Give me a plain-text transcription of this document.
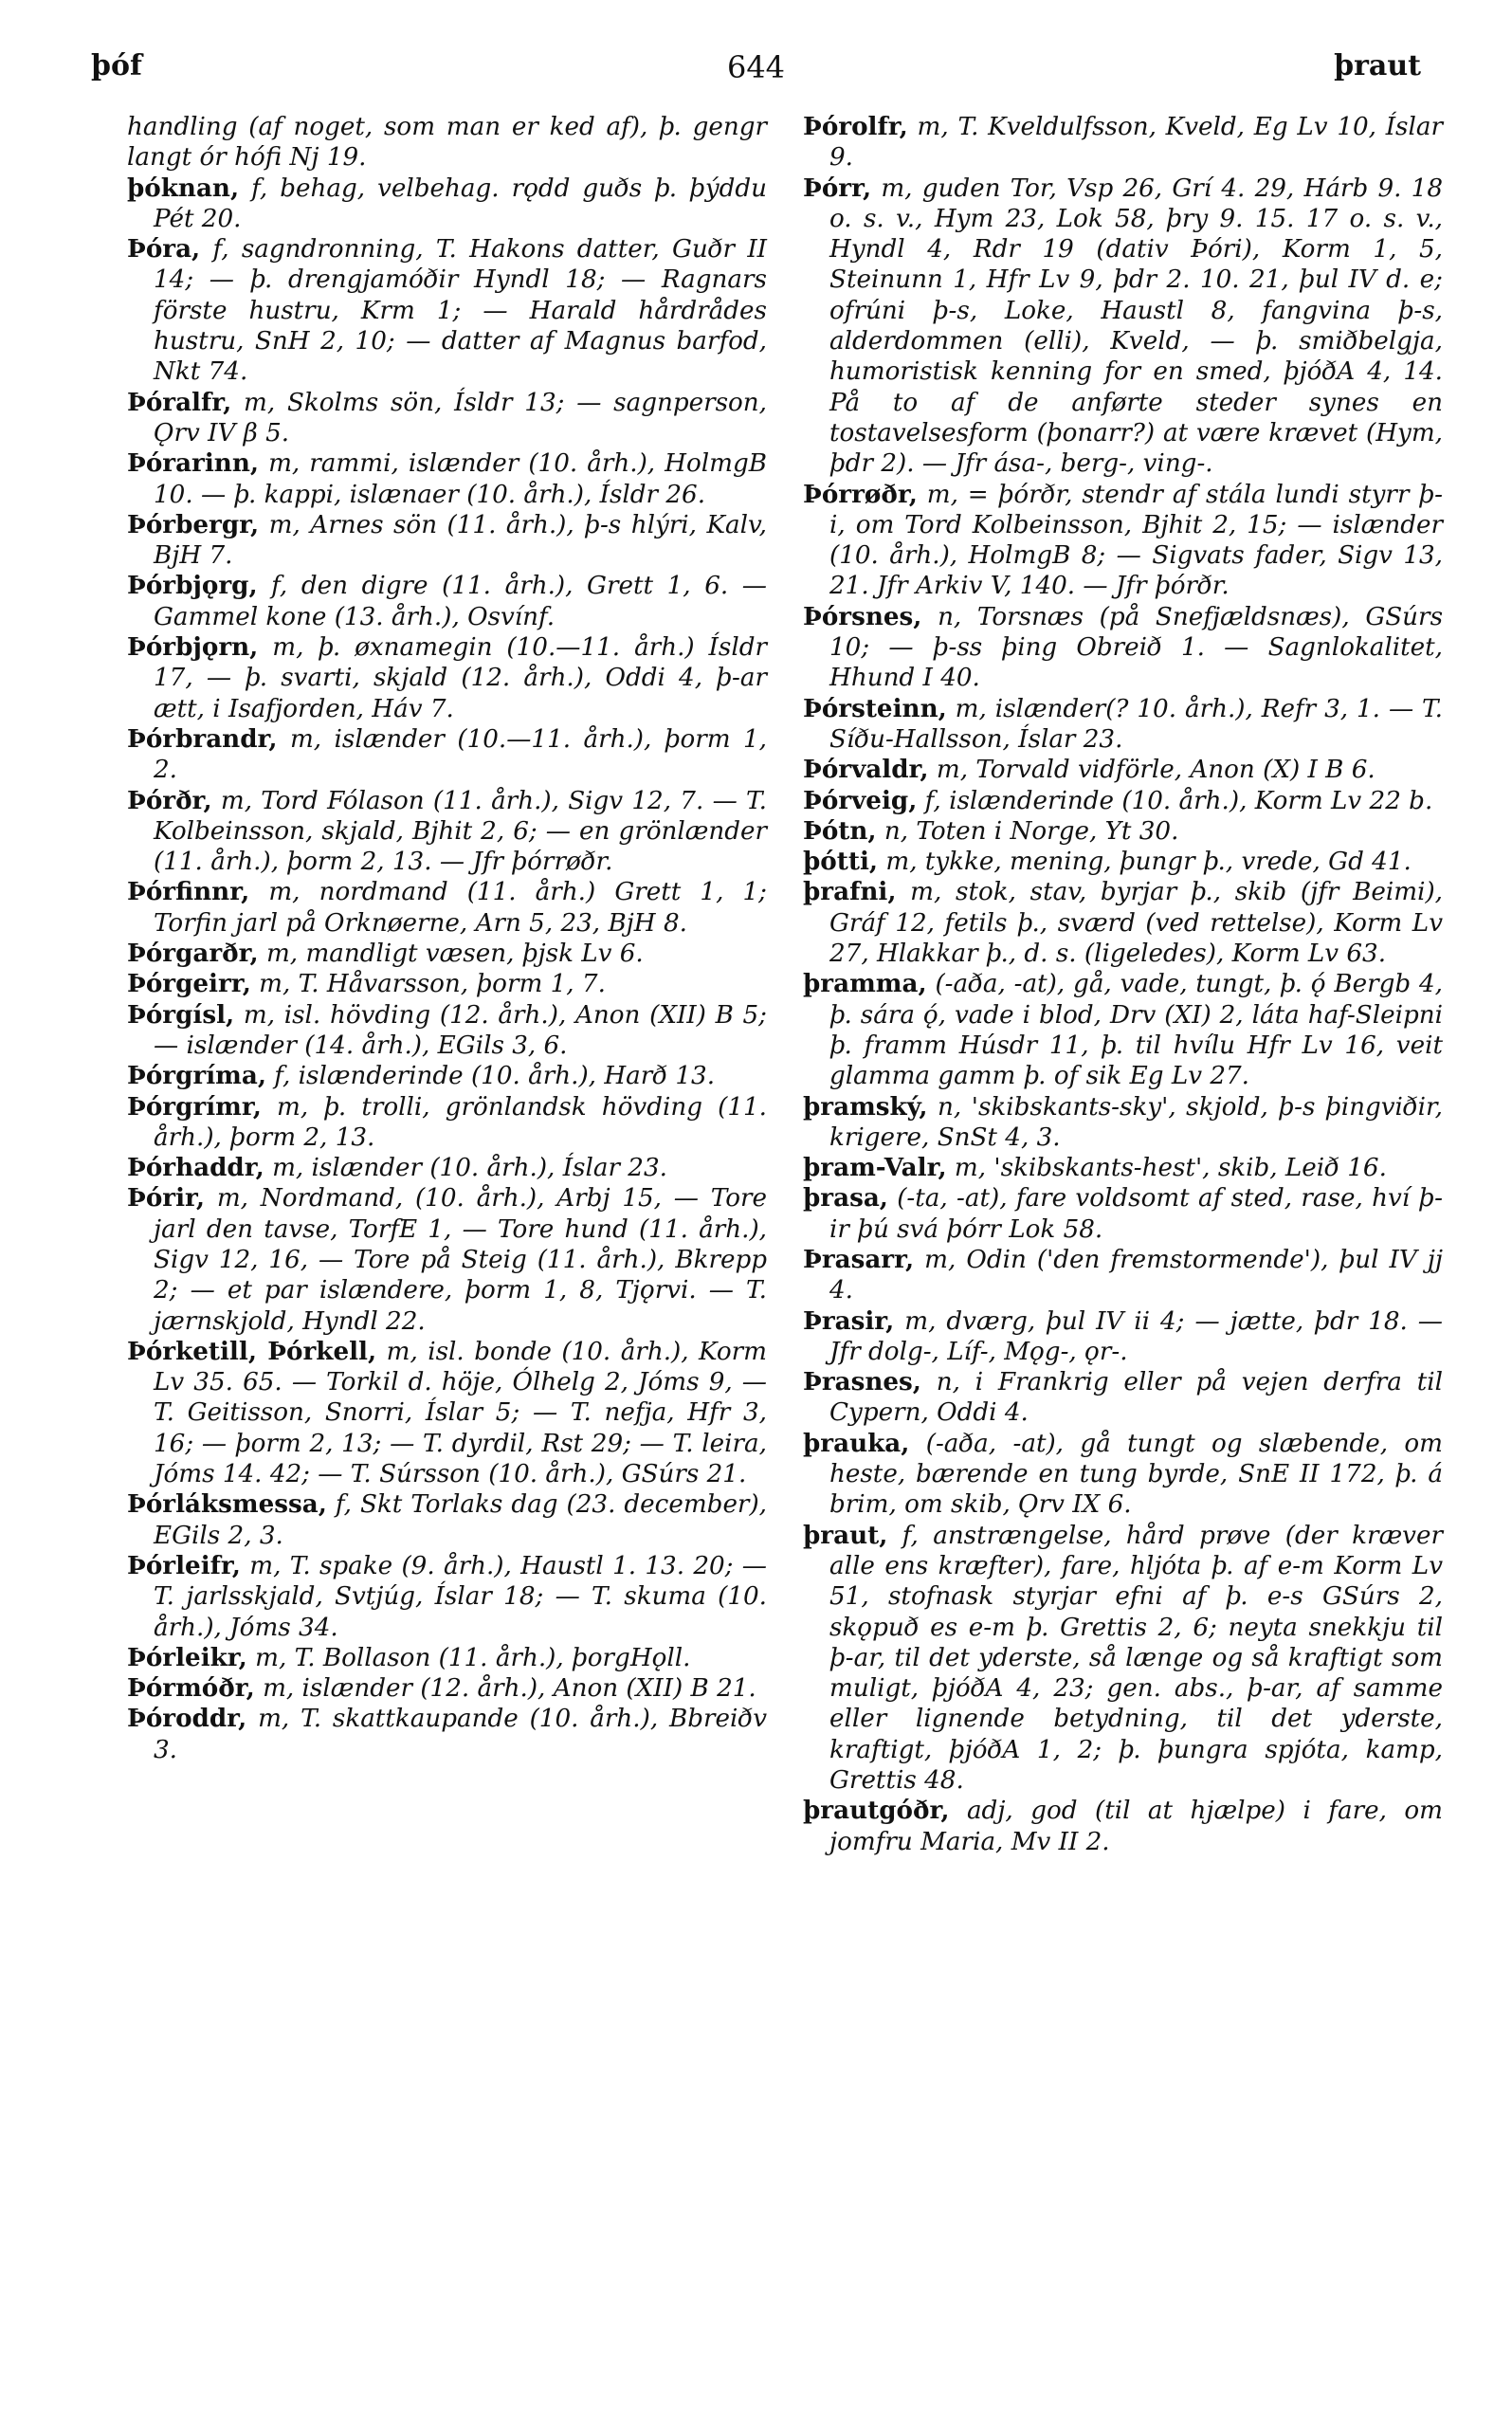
þóf	644	þraut

handling (af noget, som man er ked af), þ. gengr langt ór hófi Nj 19.

þóknan, f, behag, velbehag. rǫdd guðs þ. þýddu Pét 20.

Þóra, f, sagndronning, T. Hakons datter, Guðr II 14; — þ. drengjamóðir Hyndl 18; — Ragnars förste hustru, Krm 1; — Harald hårdrådes hustru, SnH 2, 10; — datter af Magnus barfod, Nkt 74.

Þóralfr, m, Skolms sön, Ísldr 13; — sagnperson, Ǫrv IV β 5.

Þórarinn, m, rammi, islænder (10. årh.), HolmgB 10. — þ. kappi, islænaer (10. årh.), Ísldr 26.

Þórbergr, m, Arnes sön (11. årh.), þ-s hlýri, Kalv, BjH 7.

Þórbjǫrg, f, den digre (11. årh.), Grett 1, 6. — Gammel kone (13. årh.), Osvínf.

Þórbjǫrn, m, þ. øxnamegin (10.—11. årh.) Ísldr 17, — þ. svarti, skjald (12. årh.), Oddi 4, þ-ar ætt, i Isafjorden, Háv 7.

Þórbrandr, m, islænder (10.—11. årh.), þorm 1, 2.

Þórðr, m, Tord Fólason (11. årh.), Sigv 12, 7. — T. Kolbeinsson, skjald, Bjhit 2, 6; — en grönlænder (11. årh.), þorm 2, 13. — Jfr þórrøðr.

Þórfinnr, m, nordmand (11. årh.) Grett 1, 1; Torfin jarl på Orknøerne, Arn 5, 23, BjH 8.

Þórgarðr, m, mandligt væsen, þjsk Lv 6.

Þórgeirr, m, T. Håvarsson, þorm 1, 7.

Þórgísl, m, isl. hövding (12. årh.), Anon (XII) B 5; — islænder (14. årh.), EGils 3, 6.

Þórgríma, f, islænderinde (10. årh.), Harð 13.

Þórgrímr, m, þ. trolli, grönlandsk hövding (11. årh.), þorm 2, 13.

Þórhaddr, m, islænder (10. årh.), Íslar 23.

Þórir, m, Nordmand, (10. årh.), Arbj 15, — Tore jarl den tavse, TorfE 1, — Tore hund (11. årh.), Sigv 12, 16, — Tore på Steig (11. årh.), Bkrepp 2; — et par islændere, þorm 1, 8, Tjǫrvi. — T. jærnskjold, Hyndl 22.

Þórketill, Þórkell, m, isl. bonde (10. årh.), Korm Lv 35. 65. — Torkil d. höje, Ólhelg 2, Jóms 9, — T. Geitisson, Snorri, Íslar 5; — T. nefja, Hfr 3, 16; — þorm 2, 13; — T. dyrdil, Rst 29; — T. leira, Jóms 14. 42; — T. Súrsson (10. årh.), GSúrs 21.

Þórláksmessa, f, Skt Torlaks dag (23. december), EGils 2, 3.

Þórleifr, m, T. spake (9. årh.), Haustl 1. 13. 20; — T. jarlsskjald, Svtjúg, Íslar 18; — T. skuma (10. årh.), Jóms 34.

Þórleikr, m, T. Bollason (11. årh.), þorgHǫll.

Þórmóðr, m, islænder (12. årh.), Anon (XII) B 21.

Þóroddr, m, T. skattkaupande (10. årh.), Bbreiðv 3.

Þórolfr, m, T. Kveldulfsson, Kveld, Eg Lv 10, Íslar 9.

Þórr, m, guden Tor, Vsp 26, Grí 4. 29, Hárb 9. 18 o. s. v., Hym 23, Lok 58, þry 9. 15. 17 o. s. v., Hyndl 4, Rdr 19 (dativ Þóri), Korm 1, 5, Steinunn 1, Hfr Lv 9, þdr 2. 10. 21, þul IV d. e; ofrúni þ-s, Loke, Haustl 8, fangvina þ-s, alderdommen (elli), Kveld, — þ. smiðbelgja, humoristisk kenning for en smed, þjóðA 4, 14. På to af de anførte steder synes en tostavelsesform (þonarr?) at være krævet (Hym, þdr 2). — Jfr ása-, berg-, ving-.

Þórrøðr, m, = þórðr, stendr af stála lundi styrr þ-i, om Tord Kolbeinsson, Bjhit 2, 15; — islænder (10. årh.), HolmgB 8; — Sigvats fader, Sigv 13, 21. Jfr Arkiv V, 140. — Jfr þórðr.

Þórsnes, n, Torsnæs (på Snefjældsnæs), GSúrs 10; — þ-ss þing Obreið 1. — Sagnlokalitet, Hhund I 40.

Þórsteinn, m, islænder(? 10. årh.), Refr 3, 1. — T. Síðu-Hallsson, Íslar 23.

Þórvaldr, m, Torvald vidförle, Anon (X) I B 6.

Þórveig, f, islænderinde (10. årh.), Korm Lv 22 b.

Þótn, n, Toten i Norge, Yt 30.

þótti, m, tykke, mening, þungr þ., vrede, Gd 41.

þrafni, m, stok, stav, byrjar þ., skib (jfr Beimi), Gráf 12, fetils þ., sværd (ved rettelse), Korm Lv 27, Hlakkar þ., d. s. (ligeledes), Korm Lv 63.

þramma, (-aða, -at), gå, vade, tungt, þ. ǫ́ Bergb 4, þ. sára ǫ́, vade i blod, Drv (XI) 2, láta haf-Sleipni þ. framm Húsdr 11, þ. til hvílu Hfr Lv 16, veit glamma gamm þ. of sik Eg Lv 27.

þramský, n, 'skibskants-sky', skjold, þ-s þingviðir, krigere, SnSt 4, 3.

þram-Valr, m, 'skibskants-hest', skib, Leið 16.

þrasa, (-ta, -at), fare voldsomt af sted, rase, hví þ-ir þú svá þórr Lok 58.

Þrasarr, m, Odin ('den fremstormende'), þul IV jj 4.

Þrasir, m, dværg, þul IV ii 4; — jætte, þdr 18. — Jfr dolg-, Líf-, Mǫg-, ǫr-.

Þrasnes, n, i Frankrig eller på vejen derfra til Cypern, Oddi 4.

þrauka, (-aða, -at), gå tungt og slæbende, om heste, bærende en tung byrde, SnE II 172, þ. á brim, om skib, Ǫrv IX 6.

þraut, f, anstrængelse, hård prøve (der kræver alle ens kræfter), fare, hljóta þ. af e-m Korm Lv 51, stofnask styrjar efni af þ. e-s GSúrs 2, skǫpuð es e-m þ. Grettis 2, 6; neyta snekkju til þ-ar, til det yderste, så længe og så kraftigt som muligt, þjóðA 4, 23; gen. abs., þ-ar, af samme eller lignende betydning, til det yderste, kraftigt, þjóðA 1, 2; þ. þungra spjóta, kamp, Grettis 48.

þrautgóðr, adj, god (til at hjælpe) i fare, om jomfru Maria, Mv II 2.
